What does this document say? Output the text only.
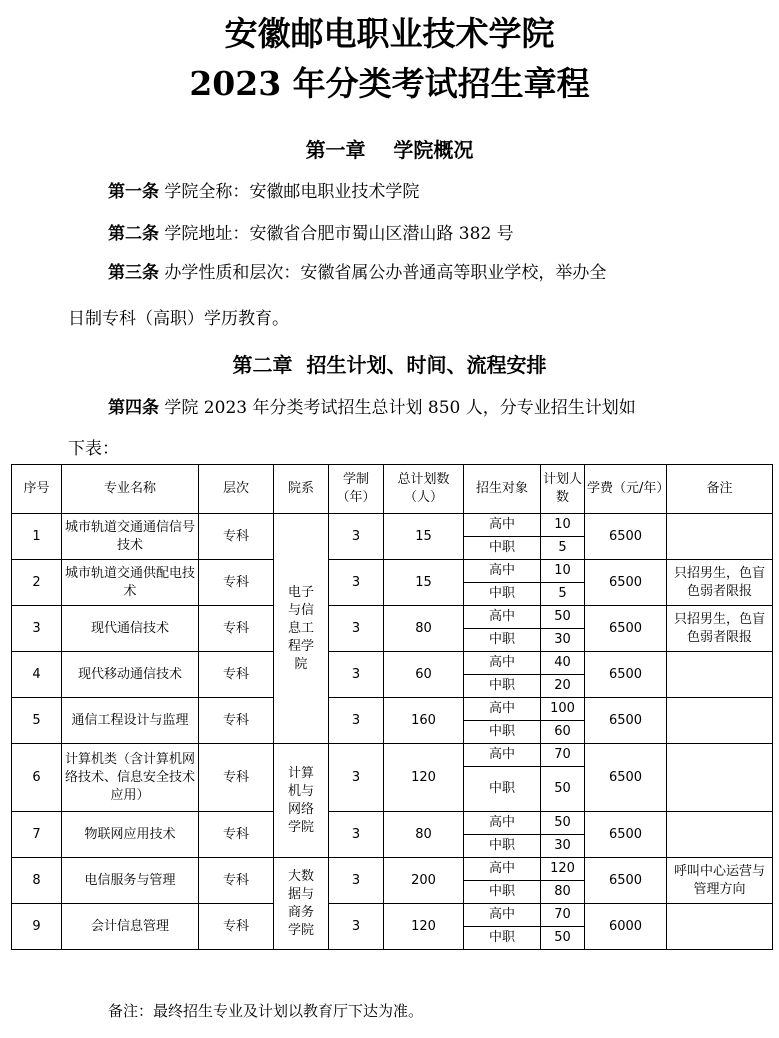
安徽邮电职业技术学院
2023 年分类考试招生章程
第一章    学院概况
第一条 学院全称：安徽邮电职业技术学院
第二条 学院地址：安徽省合肥市蜀山区潜山路 382 号
第三条 办学性质和层次：安徽省属公办普通高等职业学校，举办全
日制专科（高职）学历教育。
第二章  招生计划、时间、流程安排
第四条 学院 2023 年分类考试招生总计划 850 人，分专业招生计划如
下表：
序号	专业名称	层次	院系	学制（年）	总计划数（人）	招生对象	计划人数	学费（元/年）	备注
1	城市轨道交通通信信号技术	专科	电子与信息工程学院	3	15	高中	10	6500	
						中职	5		
2	城市轨道交通供配电技术	专科		3	15	高中	10	6500	只招男生，色盲色弱者限报
						中职	5		
3	现代通信技术	专科		3	80	高中	50	6500	只招男生，色盲色弱者限报
						中职	30		
4	现代移动通信技术	专科		3	60	高中	40	6500	
						中职	20		
5	通信工程设计与监理	专科		3	160	高中	100	6500	
						中职	60		
6	计算机类（含计算机网络技术、信息安全技术应用）	专科	计算机与网络学院	3	120	高中	70	6500	
						中职	50		
7	物联网应用技术	专科		3	80	高中	50	6500	
						中职	30		
8	电信服务与管理	专科	大数据与商务学院	3	200	高中	120	6500	呼叫中心运营与管理方向
						中职	80		
9	会计信息管理	专科		3	120	高中	70	6000	
						中职	50		
备注：最终招生专业及计划以教育厅下达为准。
